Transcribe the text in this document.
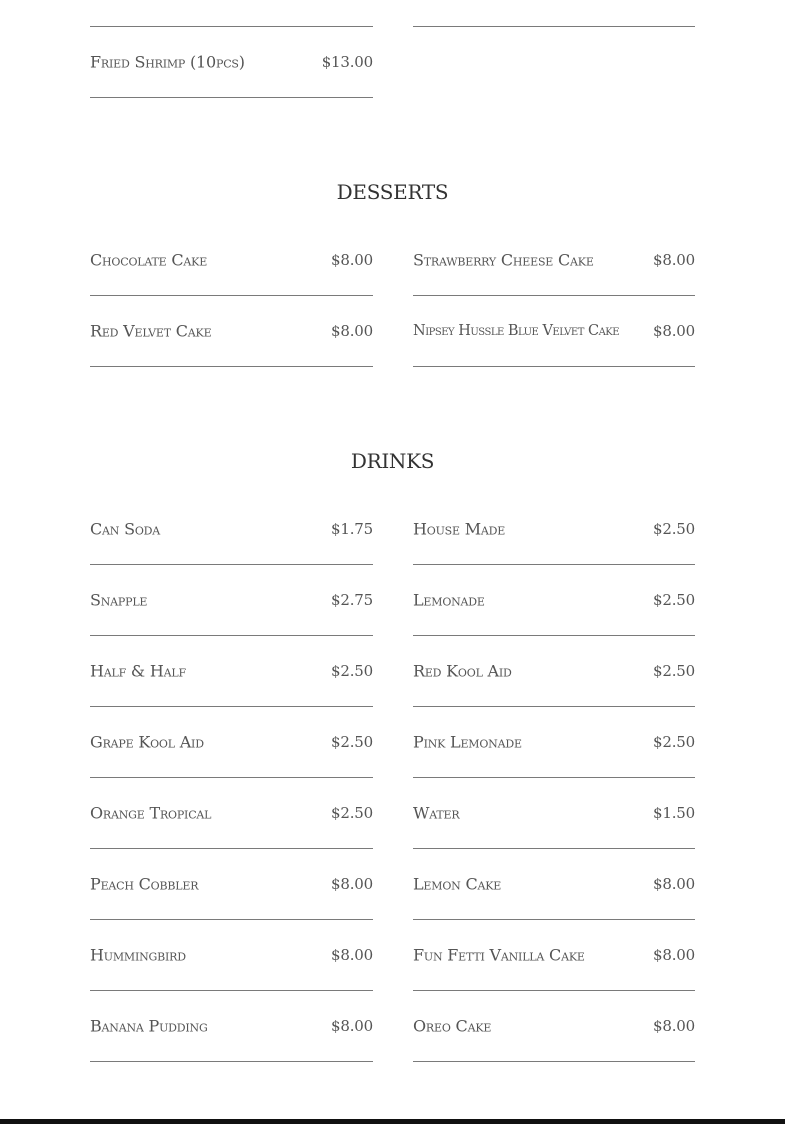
Fried Shrimp (10pcs)	$13.00
DESSERTS
Chocolate Cake	$8.00	Strawberry Cheese Cake	$8.00
Red Velvet Cake	$8.00	Nipsey Hussle Blue Velvet Cake $8.00
DRINKS
Can Soda	$1.75	House Made	$2.50
Snapple	$2.75	Lemonade	$2.50
Half & Half	$2.50	Red Kool Aid	$2.50
Grape Kool Aid	$2.50	Pink Lemonade	$2.50
Orange Tropical	$2.50	Water	$1.50
Peach Cobbler	$8.00	Lemon Cake	$8.00
Hummingbird	$8.00	Fun Fetti Vanilla Cake	$8.00
Banana Pudding	$8.00	Oreo Cake	$8.00
